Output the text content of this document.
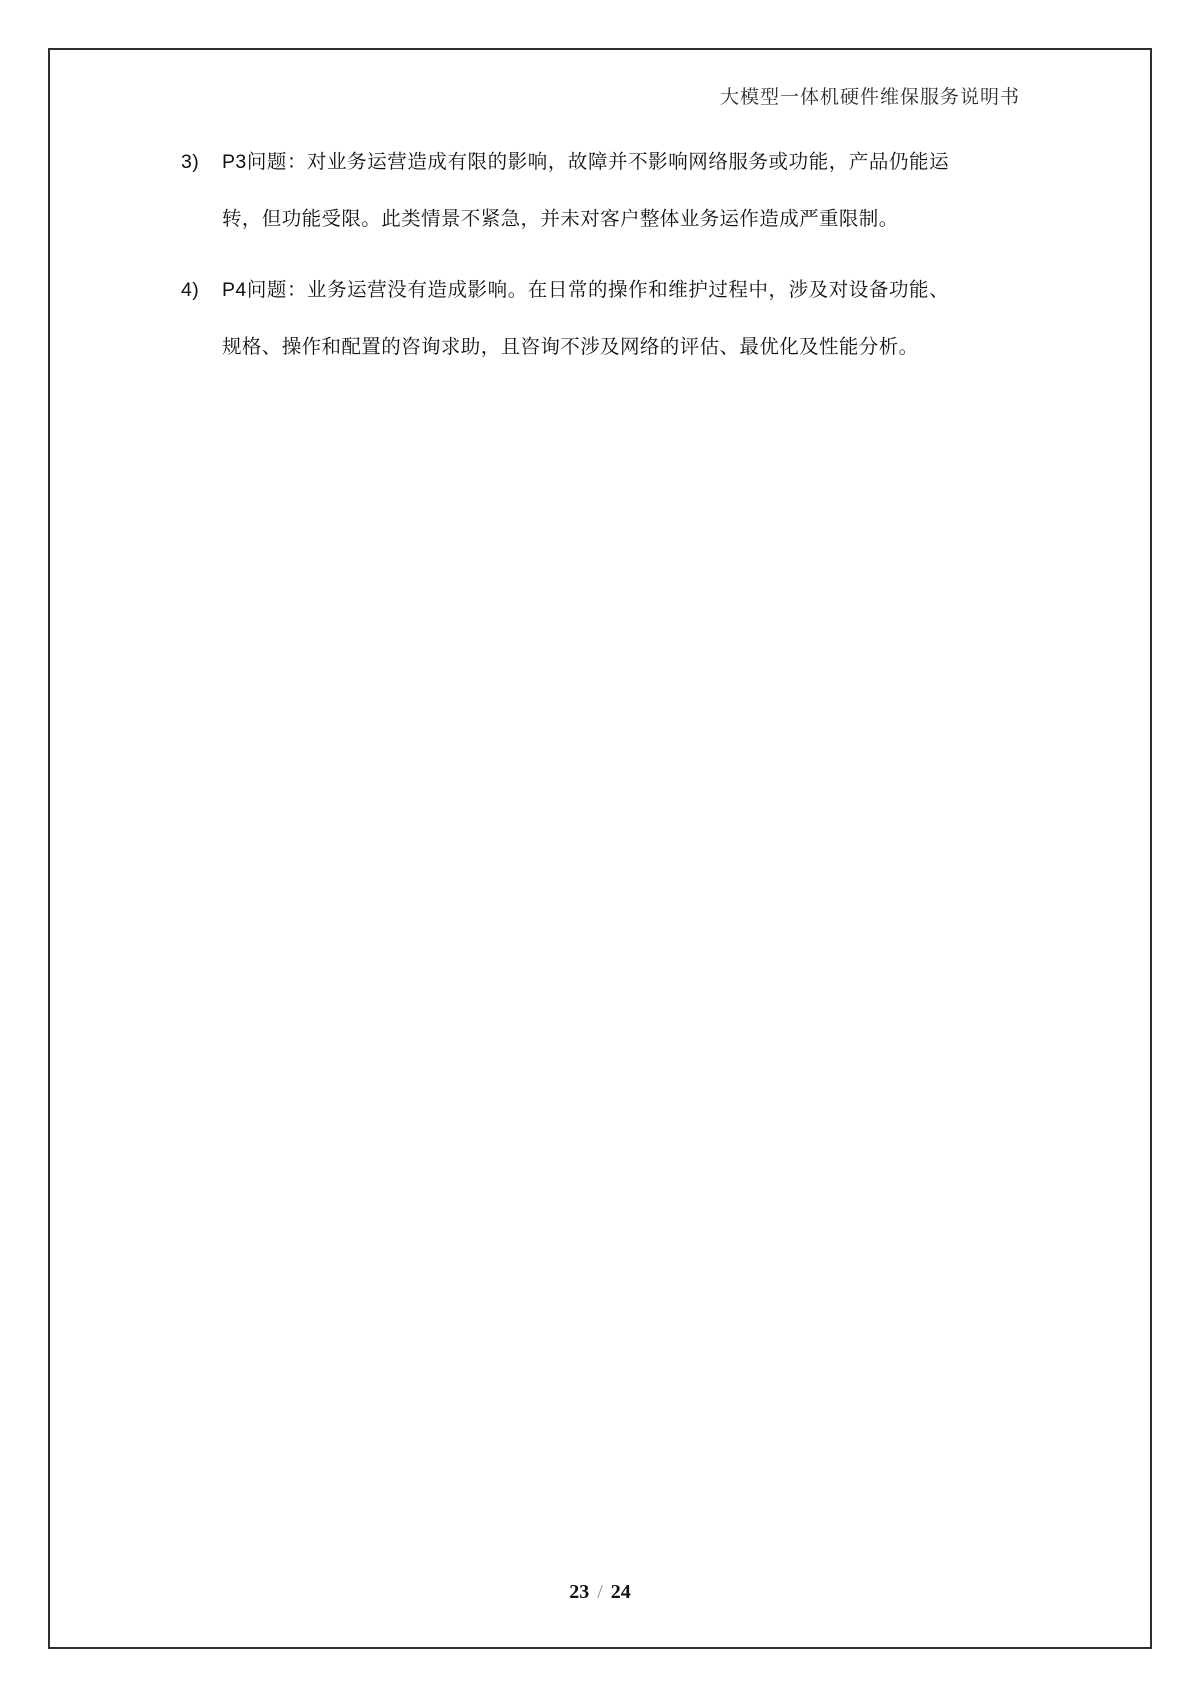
大模型一体机硬件维保服务说明书
3)	P3问题：对业务运营造成有限的影响，故障并不影响网络服务或功能，产品仍能运转，但功能受限。此类情景不紧急，并未对客户整体业务运作造成严重限制。
4)	P4问题：业务运营没有造成影响。在日常的操作和维护过程中，涉及对设备功能、规格、操作和配置的咨询求助，且咨询不涉及网络的评估、最优化及性能分析。
23 / 24
